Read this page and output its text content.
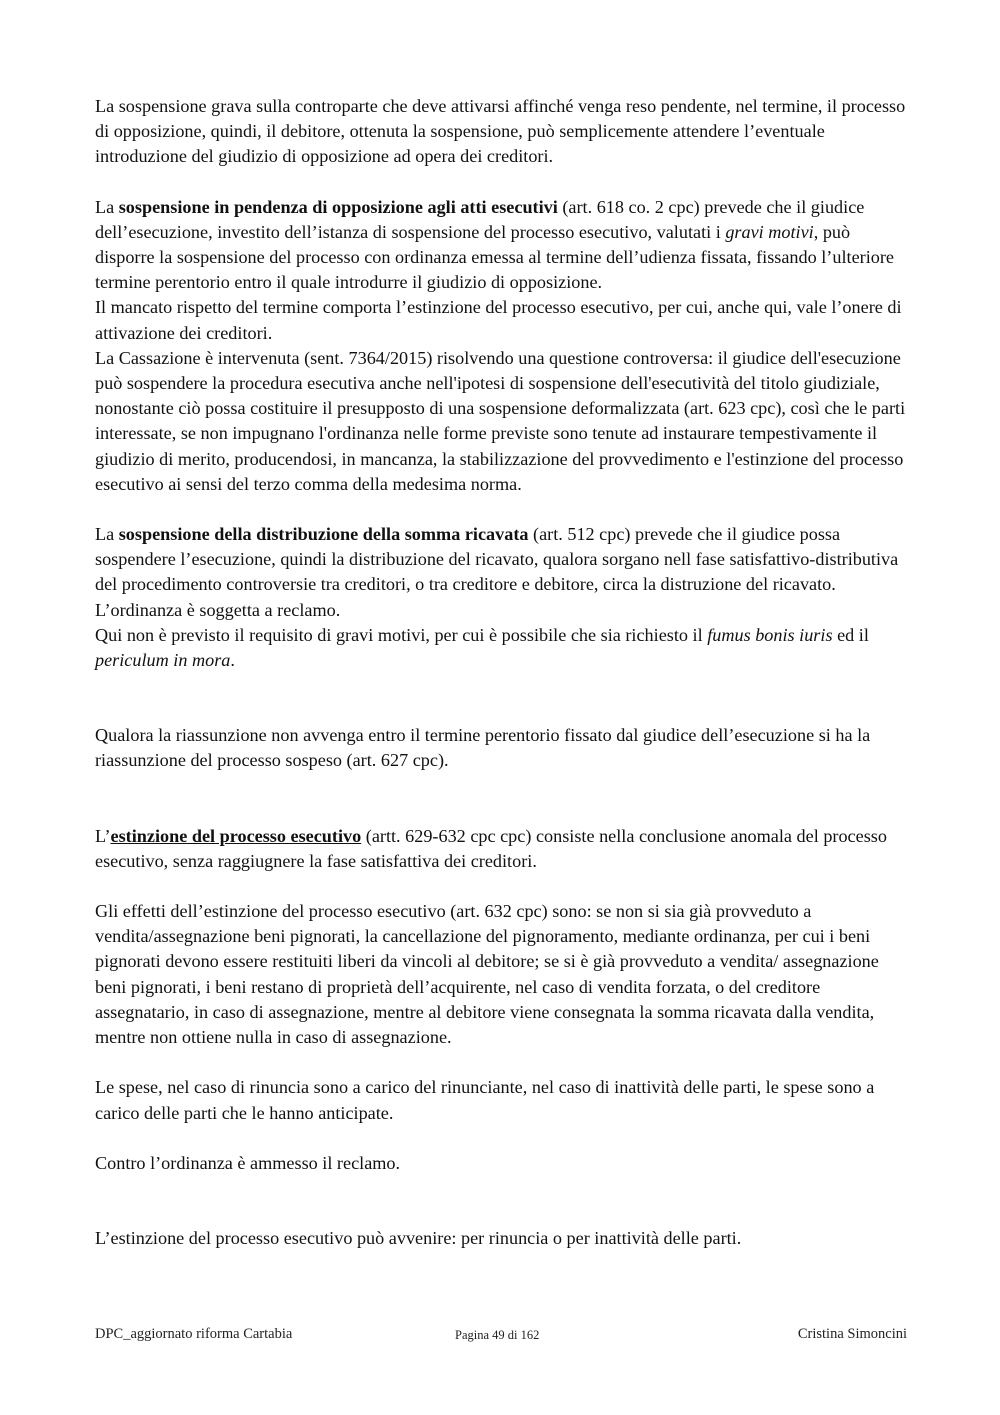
La sospensione grava sulla controparte che deve attivarsi affinché venga reso pendente, nel termine, il processo di opposizione, quindi, il debitore, ottenuta la sospensione, può semplicemente attendere l’eventuale introduzione del giudizio di opposizione ad opera dei creditori.

La sospensione in pendenza di opposizione agli atti esecutivi (art. 618 co. 2 cpc) prevede che il giudice dell’esecuzione, investito dell’istanza di sospensione del processo esecutivo, valutati i gravi motivi, può disporre la sospensione del processo con ordinanza emessa al termine dell’udienza fissata, fissando l’ulteriore termine perentorio entro il quale introdurre il giudizio di opposizione.

Il mancato rispetto del termine comporta l’estinzione del processo esecutivo, per cui, anche qui, vale l’onere di attivazione dei creditori.

La Cassazione è intervenuta (sent. 7364/2015) risolvendo una questione controversa: il giudice dell'esecuzione può sospendere la procedura esecutiva anche nell'ipotesi di sospensione dell'esecutività del titolo giudiziale, nonostante ciò possa costituire il presupposto di una sospensione deformalizzata (art. 623 cpc), così che le parti interessate, se non impugnano l'ordinanza nelle forme previste sono tenute ad instaurare tempestivamente il giudizio di merito, producendosi, in mancanza, la stabilizzazione del provvedimento e l'estinzione del processo esecutivo ai sensi del terzo comma della medesima norma.

La sospensione della distribuzione della somma ricavata (art. 512 cpc) prevede che il giudice possa sospendere l’esecuzione, quindi la distribuzione del ricavato, qualora sorgano nell fase satisfattivo-distributiva del procedimento controversie tra creditori, o tra creditore e debitore, circa la distruzione del ricavato. L’ordinanza è soggetta a reclamo.

Qui non è previsto il requisito di gravi motivi, per cui è possibile che sia richiesto il fumus bonis iuris ed il periculum in mora.

Qualora la riassunzione non avvenga entro il termine perentorio fissato dal giudice dell’esecuzione si ha la riassunzione del processo sospeso (art. 627 cpc).

L’estinzione del processo esecutivo (artt. 629-632 cpc cpc) consiste nella conclusione anomala del processo esecutivo, senza raggiugnere la fase satisfattiva dei creditori.

Gli effetti dell’estinzione del processo esecutivo (art. 632 cpc) sono: se non si sia già provveduto a vendita/assegnazione beni pignorati, la cancellazione del pignoramento, mediante ordinanza, per cui i beni pignorati devono essere restituiti liberi da vincoli al debitore; se si è già provveduto a vendita/ assegnazione beni pignorati, i beni restano di proprietà dell’acquirente, nel caso di vendita forzata, o del creditore assegnatario, in caso di assegnazione, mentre al debitore viene consegnata la somma ricavata dalla vendita, mentre non ottiene nulla in caso di assegnazione.

Le spese, nel caso di rinuncia sono a carico del rinunciante, nel caso di inattività delle parti, le spese sono a carico delle parti che le hanno anticipate.

Contro l’ordinanza è ammesso il reclamo.

L’estinzione del processo esecutivo può avvenire: per rinuncia o per inattività delle parti.

DPC_aggiornato riforma Cartabia	Pagina 49 di 162	Cristina Simoncini
